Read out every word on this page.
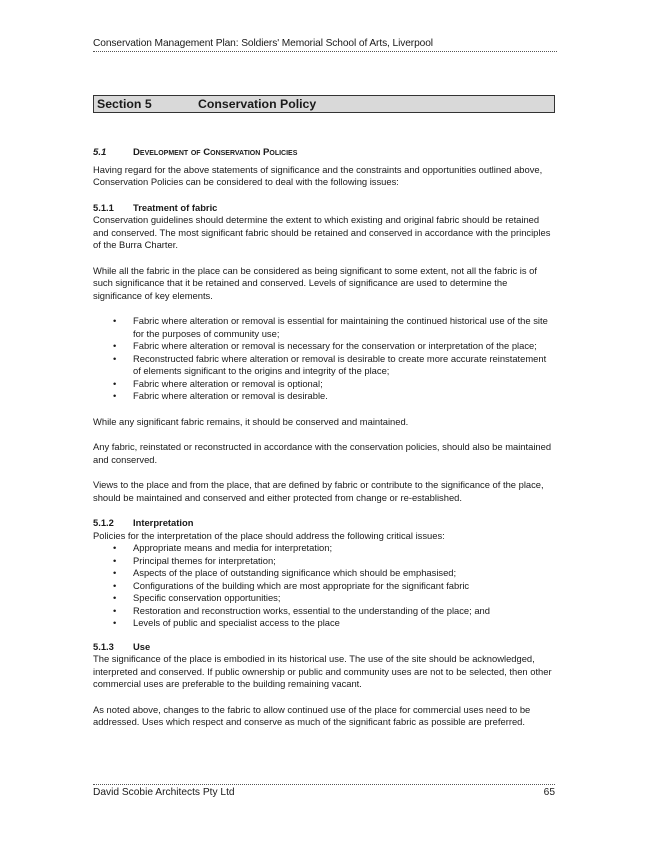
Conservation Management Plan: Soldiers' Memorial School of Arts, Liverpool
Section 5	Conservation Policy
5.1	Development of Conservation Policies

Having regard for the above statements of significance and the constraints and opportunities outlined above, Conservation Policies can be considered to deal with the following issues:

5.1.1	Treatment of fabric

Conservation guidelines should determine the extent to which existing and original fabric should be retained and conserved. The most significant fabric should be retained and conserved in accordance with the principles of the Burra Charter.

While all the fabric in the place can be considered as being significant to some extent, not all the fabric is of such significance that it be retained and conserved. Levels of significance are used to determine the significance of key elements.

•	Fabric where alteration or removal is essential for maintaining the continued historical use of the site for the purposes of community use;
•	Fabric where alteration or removal is necessary for the conservation or interpretation of the place;
•	Reconstructed fabric where alteration or removal is desirable to create more accurate reinstatement of elements significant to the origins and integrity of the place;
•	Fabric where alteration or removal is optional;
•	Fabric where alteration or removal is desirable.

While any significant fabric remains, it should be conserved and maintained.

Any fabric, reinstated or reconstructed in accordance with the conservation policies, should also be maintained and conserved.

Views to the place and from the place, that are defined by fabric or contribute to the significance of the place, should be maintained and conserved and either protected from change or re-established.

5.1.2	Interpretation

Policies for the interpretation of the place should address the following critical issues:

•	Appropriate means and media for interpretation;
•	Principal themes for interpretation;
•	Aspects of the place of outstanding significance which should be emphasised;
•	Configurations of the building which are most appropriate for the significant fabric
•	Specific conservation opportunities;
•	Restoration and reconstruction works, essential to the understanding of the place; and
•	Levels of public and specialist access to the place
5.1.3	Use

The significance of the place is embodied in its historical use. The use of the site should be acknowledged, interpreted and conserved. If public ownership or public and community uses are not to be selected, then other commercial uses are preferable to the building remaining vacant.

As noted above, changes to the fabric to allow continued use of the place for commercial uses need to be addressed. Uses which respect and conserve as much of the significant fabric as possible are preferred.

David Scobie Architects Pty Ltd	65
